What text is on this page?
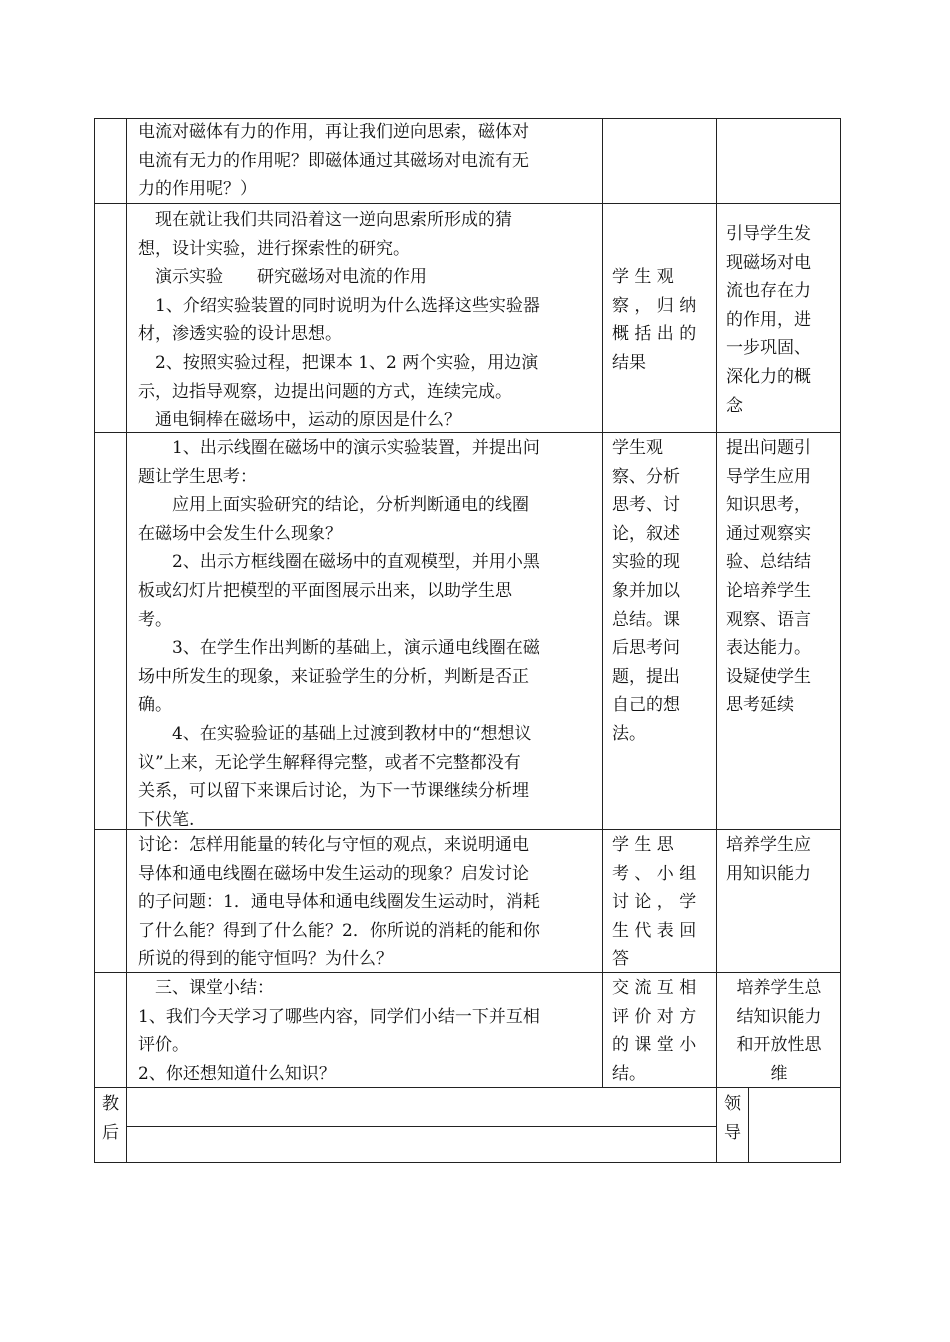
电流对磁体有力的作用，再让我们逆向思索，磁体对

电流有无力的作用呢？即磁体通过其磁场对电流有无

力的作用呢？）

现在就让我们共同沿着这一逆向思索所形成的猜

想，设计实验，进行探索性的研究。

演示实验　　研究磁场对电流的作用

1、介绍实验装置的同时说明为什么选择这些实验器

材，渗透实验的设计思想。

2、按照实验过程，把课本 1、2 两个实验，用边演

示，边指导观察，边提出问题的方式，连续完成。

通电铜棒在磁场中，运动的原因是什么？

学 生 观

察 ， 归 纳

概 括 出 的

结果

引导学生发

现磁场对电

流也存在力

的作用，进

一步巩固、

深化力的概

念

1、出示线圈在磁场中的演示实验装置，并提出问

题让学生思考：

应用上面实验研究的结论，分析判断通电的线圈

在磁场中会发生什么现象？

2、出示方框线圈在磁场中的直观模型，并用小黑

板或幻灯片把模型的平面图展示出来，以助学生思

考。

3、在学生作出判断的基础上，演示通电线圈在磁

场中所发生的现象，来证验学生的分析，判断是否正

确。

4、在实验验证的基础上过渡到教材中的“想想议

议”上来，无论学生解释得完整，或者不完整都没有

关系，可以留下来课后讨论，为下一节课继续分析埋

下伏笔.

学生观

察、分析

思考、讨

论，叙述

实验的现

象并加以

总结。课

后思考问

题，提出

自己的想

法。

提出问题引

导学生应用

知识思考，

通过观察实

验、总结结

论培养学生

观察、语言

表达能力。

设疑使学生

思考延续

讨论：怎样用能量的转化与守恒的观点，来说明通电

导体和通电线圈在磁场中发生运动的现象？启发讨论

的子问题：1．通电导体和通电线圈发生运动时，消耗

了什么能？得到了什么能？2．你所说的消耗的能和你

所说的得到的能守恒吗？为什么？

学 生 思

考 、 小 组

讨 论 ， 学

生 代 表 回

答

培养学生应

用知识能力

三、课堂小结：

1、我们今天学习了哪些内容，同学们小结一下并互相

评价。

2、你还想知道什么知识？

交 流 互 相

评 价 对 方

的 课 堂 小

结。

培养学生总

结知识能力

和开放性思

维

教

后

领

导
